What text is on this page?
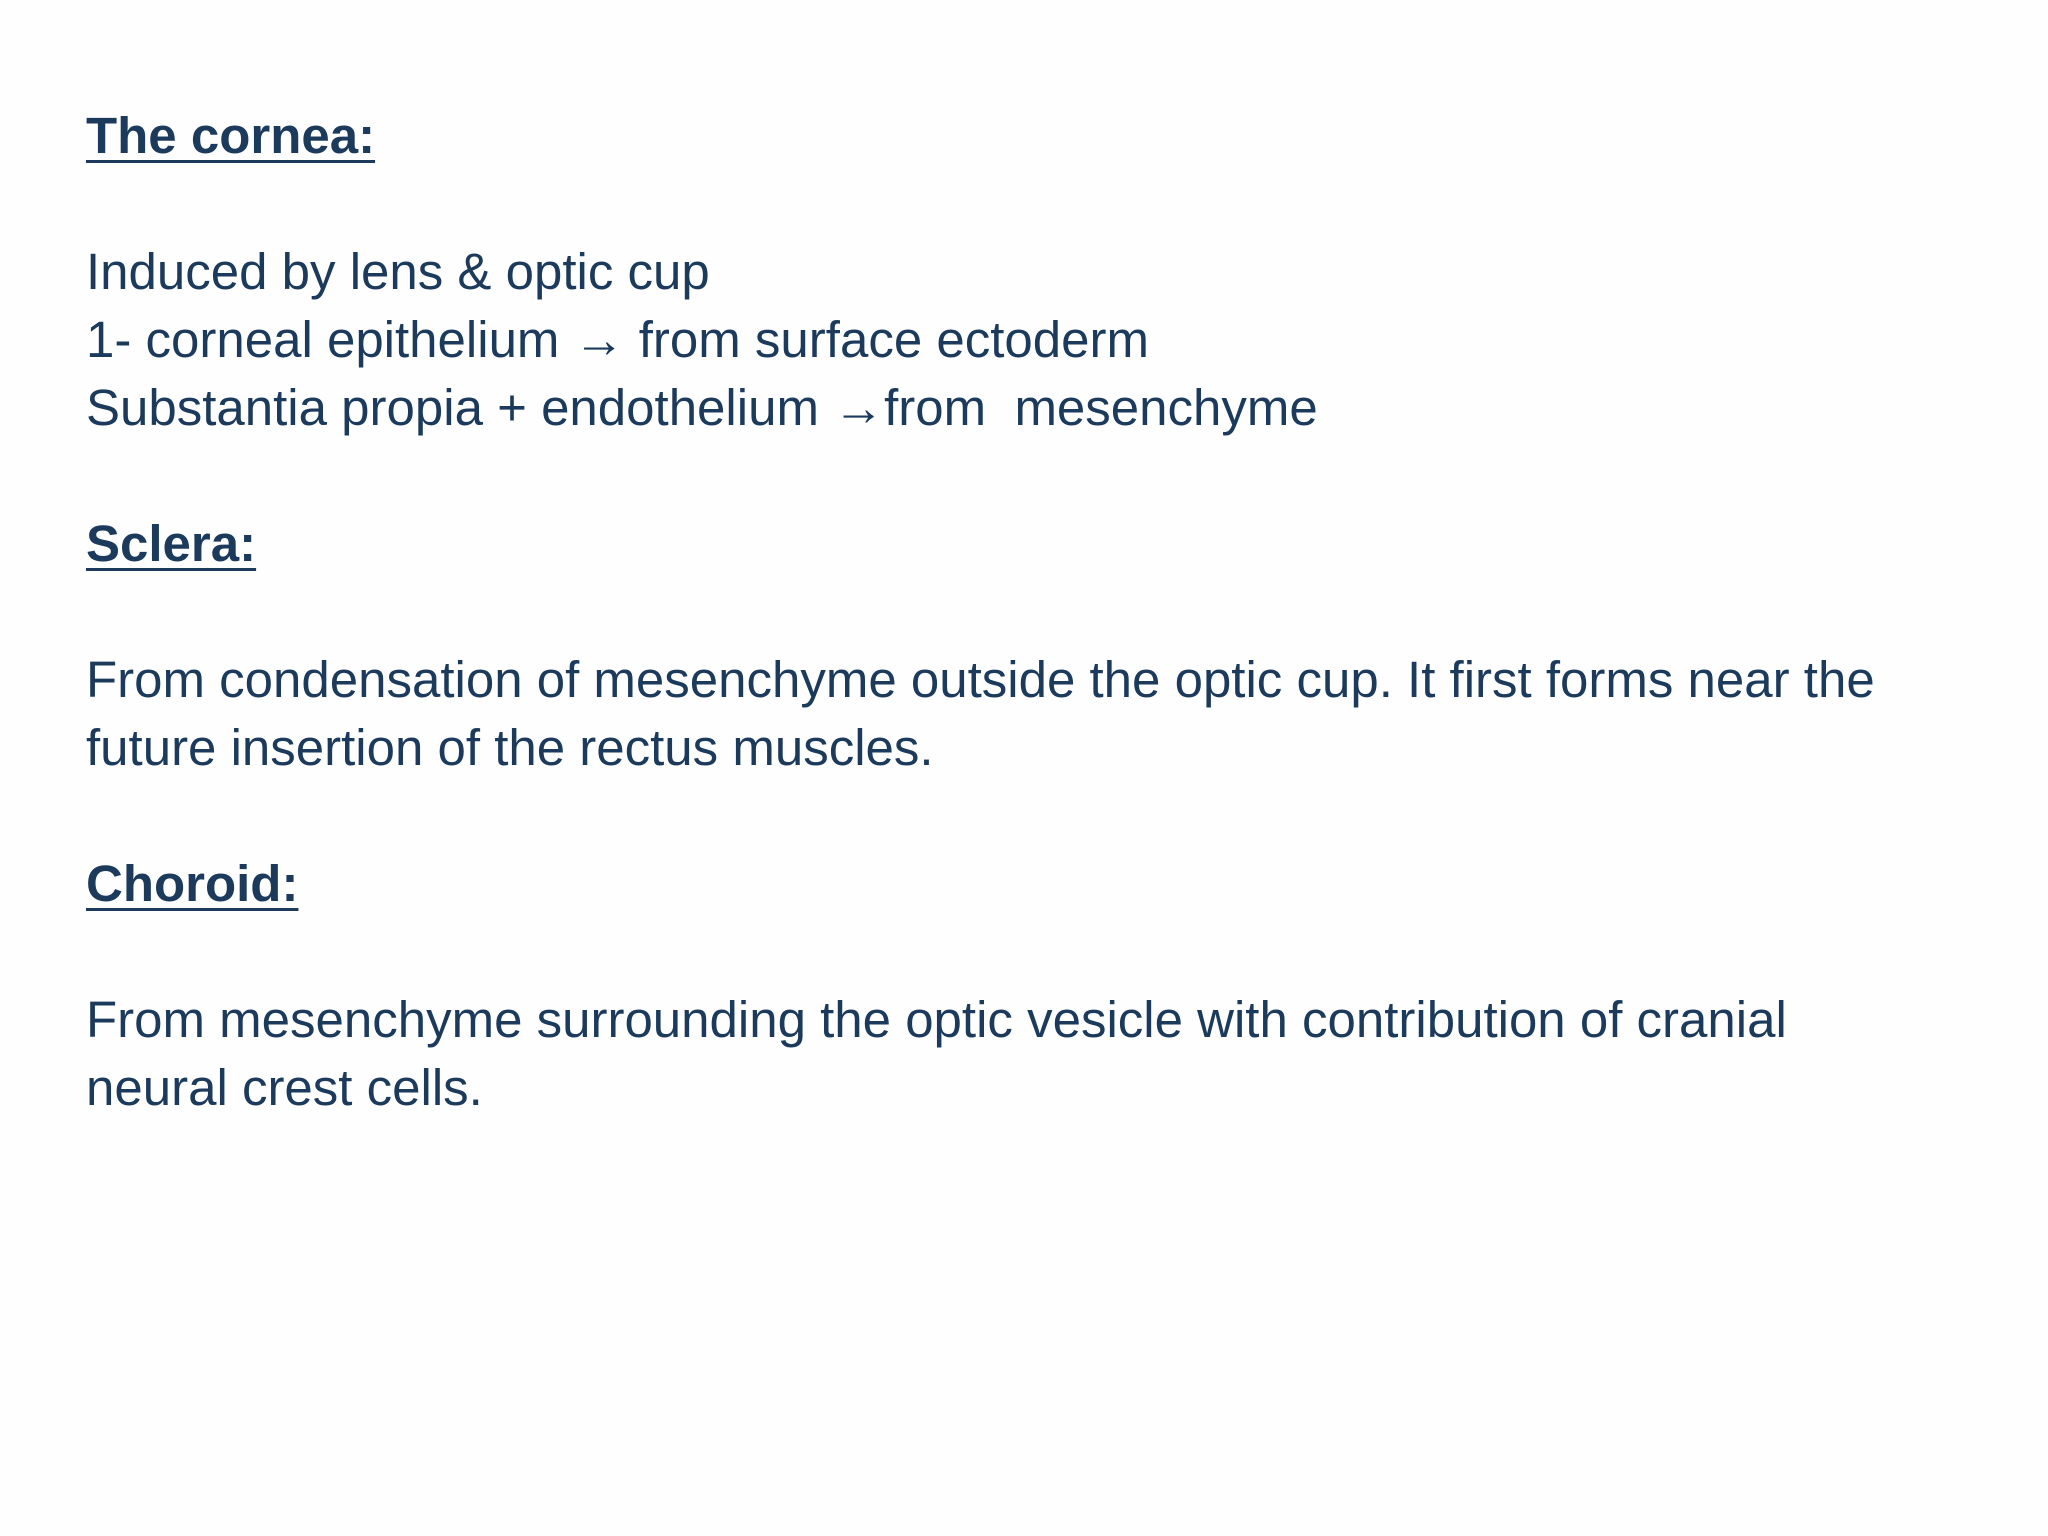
The cornea:

Induced by lens & optic cup

1- corneal epithelium → from surface ectoderm

Substantia propia + endothelium →from  mesenchyme

Sclera:

From condensation of mesenchyme outside the optic cup. It first forms near the future insertion of the rectus muscles.

Choroid:

From mesenchyme surrounding the optic vesicle with contribution of cranial neural crest cells.
